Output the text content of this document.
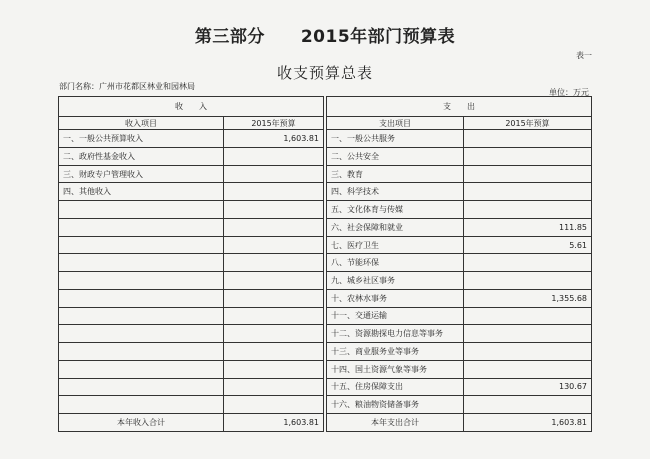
第三部分 2015年部门预算表
表一
收支预算总表
部门名称：广州市花都区林业和园林局
单位：万元
收　　入			支　　出	
收入项目	2015年预算		支出项目	2015年预算
一、一般公共预算收入	1,603.81		一、一般公共服务	
二、政府性基金收入			二、公共安全	
三、财政专户管理收入			三、教育	
四、其他收入			四、科学技术	
			五、文化体育与传媒	
			六、社会保障和就业	111.85
			七、医疗卫生	5.61
			八、节能环保	
			九、城乡社区事务	
			十、农林水事务	1,355.68
			十一、交通运输	
			十二、资源勘探电力信息等事务	
			十三、商业服务业等事务	
			十四、国土资源气象等事务	
			十五、住房保障支出	130.67
			十六、粮油物资储备事务	
本年收入合计	1,603.81		本年支出合计	1,603.81
